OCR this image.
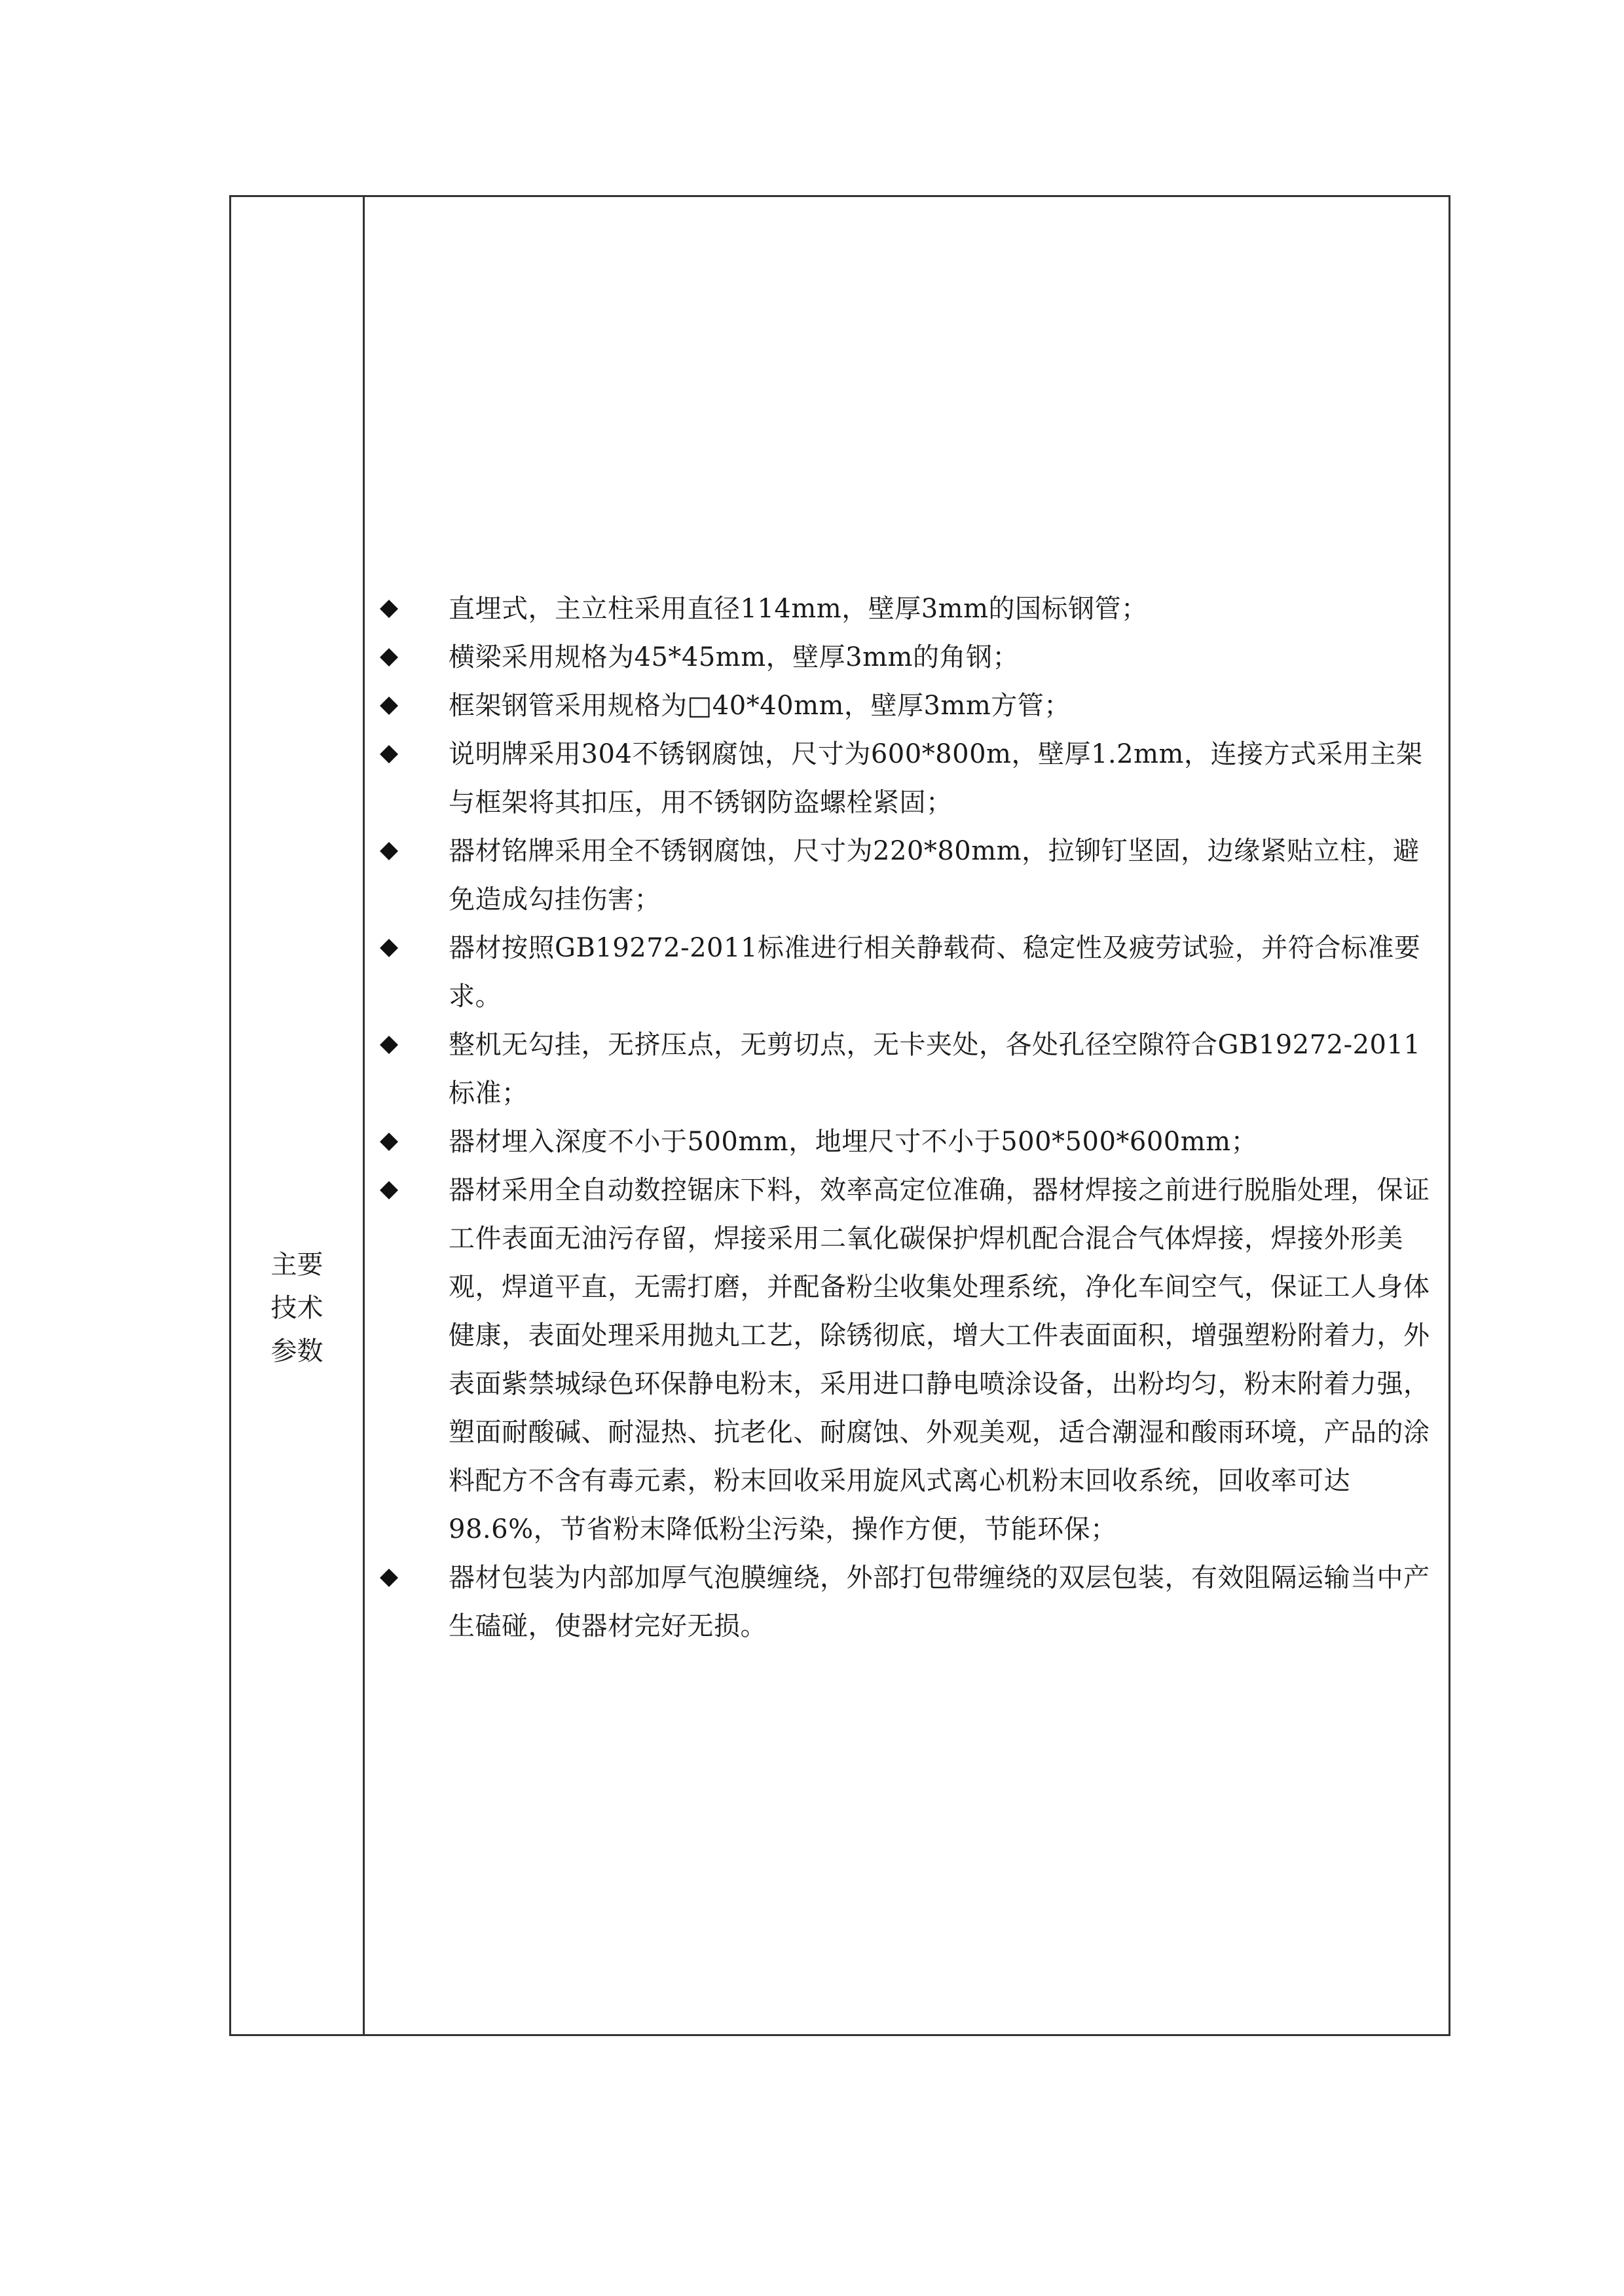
主要
技术
参数
直埋式，主立柱采用直径114mm，壁厚3mm的国标钢管；
横梁采用规格为45*45mm，壁厚3mm的角钢；
框架钢管采用规格为□40*40mm，壁厚3mm方管；
说明牌采用304不锈钢腐蚀，尺寸为600*800m，壁厚1.2mm，连接方式采用主架与框架将其扣压，用不锈钢防盗螺栓紧固；
器材铭牌采用全不锈钢腐蚀，尺寸为220*80mm，拉铆钉坚固，边缘紧贴立柱，避免造成勾挂伤害；
器材按照GB19272-2011标准进行相关静载荷、稳定性及疲劳试验，并符合标准要求。
整机无勾挂，无挤压点，无剪切点，无卡夹处，各处孔径空隙符合GB19272-2011标准；
器材埋入深度不小于500mm，地埋尺寸不小于500*500*600mm；
器材采用全自动数控锯床下料，效率高定位准确，器材焊接之前进行脱脂处理，保证工件表面无油污存留，焊接采用二氧化碳保护焊机配合混合气体焊接，焊接外形美观，焊道平直，无需打磨，并配备粉尘收集处理系统，净化车间空气，保证工人身体健康，表面处理采用抛丸工艺，除锈彻底，增大工件表面面积，增强塑粉附着力，外表面紫禁城绿色环保静电粉末，采用进口静电喷涂设备，出粉均匀，粉末附着力强，塑面耐酸碱、耐湿热、抗老化、耐腐蚀、外观美观，适合潮湿和酸雨环境，产品的涂料配方不含有毒元素，粉末回收采用旋风式离心机粉末回收系统，回收率可达98.6%，节省粉末降低粉尘污染，操作方便，节能环保；
器材包装为内部加厚气泡膜缠绕，外部打包带缠绕的双层包装，有效阻隔运输当中产生磕碰，使器材完好无损。
